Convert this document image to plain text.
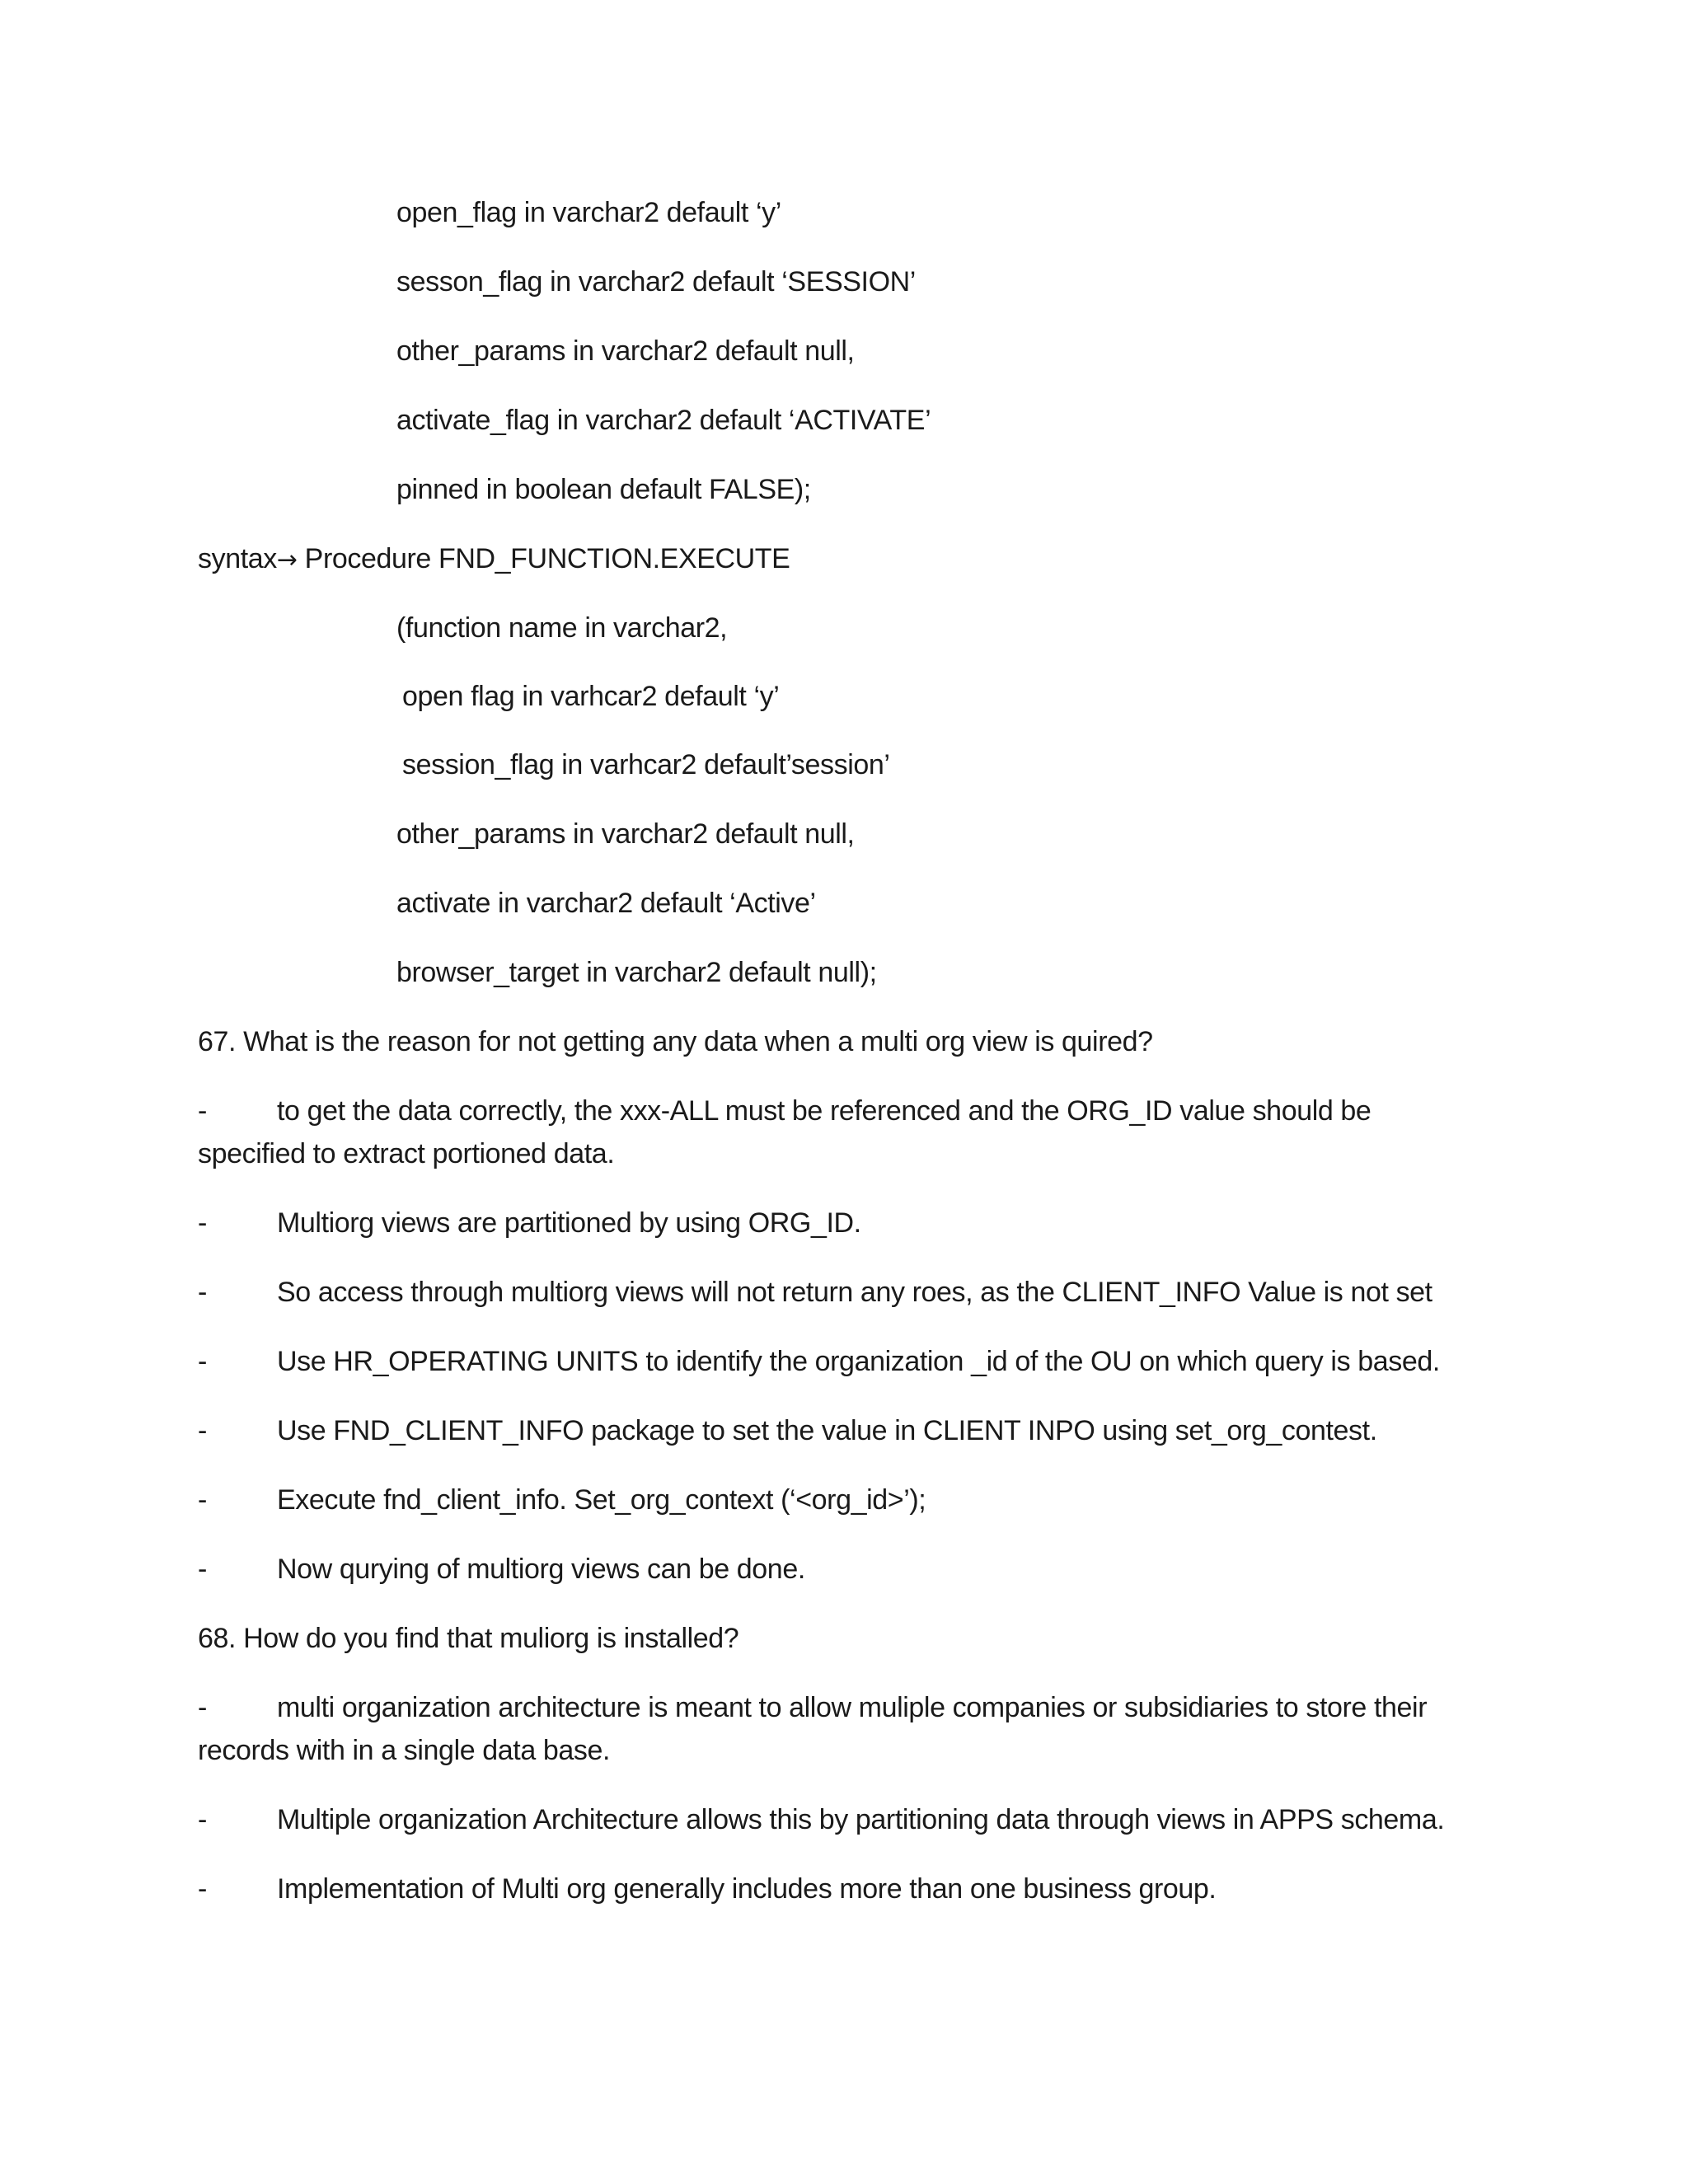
open_flag in varchar2 default ‘y’
sesson_flag in varchar2 default ‘SESSION’
other_params in varchar2 default null,
activate_flag in varchar2 default ‘ACTIVATE’
pinned in boolean default FALSE);
syntax→ Procedure FND_FUNCTION.EXECUTE
(function name in varchar2,
open flag in varhcar2 default ‘y’
session_flag in varhcar2 default’session’
other_params in varchar2 default null,
activate in varchar2 default ‘Active’
browser_target in varchar2 default null);
67. What is the reason for not getting any data when a multi org view is quired?
- to get the data correctly, the xxx-ALL must be referenced and the ORG_ID value should be
specified to extract portioned data.
- Multiorg views are partitioned by using ORG_ID.
- So access through multiorg views will not return any roes, as the CLIENT_INFO Value is not set
- Use HR_OPERATING UNITS to identify the organization _id of the OU on which query is based.
- Use FND_CLIENT_INFO package to set the value in CLIENT INPO using set_org_contest.
- Execute fnd_client_info. Set_org_context (‘<org_id>’);
- Now qurying of multiorg views can be done.
68. How do you find that muliorg is installed?
- multi organization architecture is meant to allow muliple companies or subsidiaries to store their
records with in a single data base.
- Multiple organization Architecture allows this by partitioning data through views in APPS schema.
- Implementation of Multi org generally includes more than one business group.
